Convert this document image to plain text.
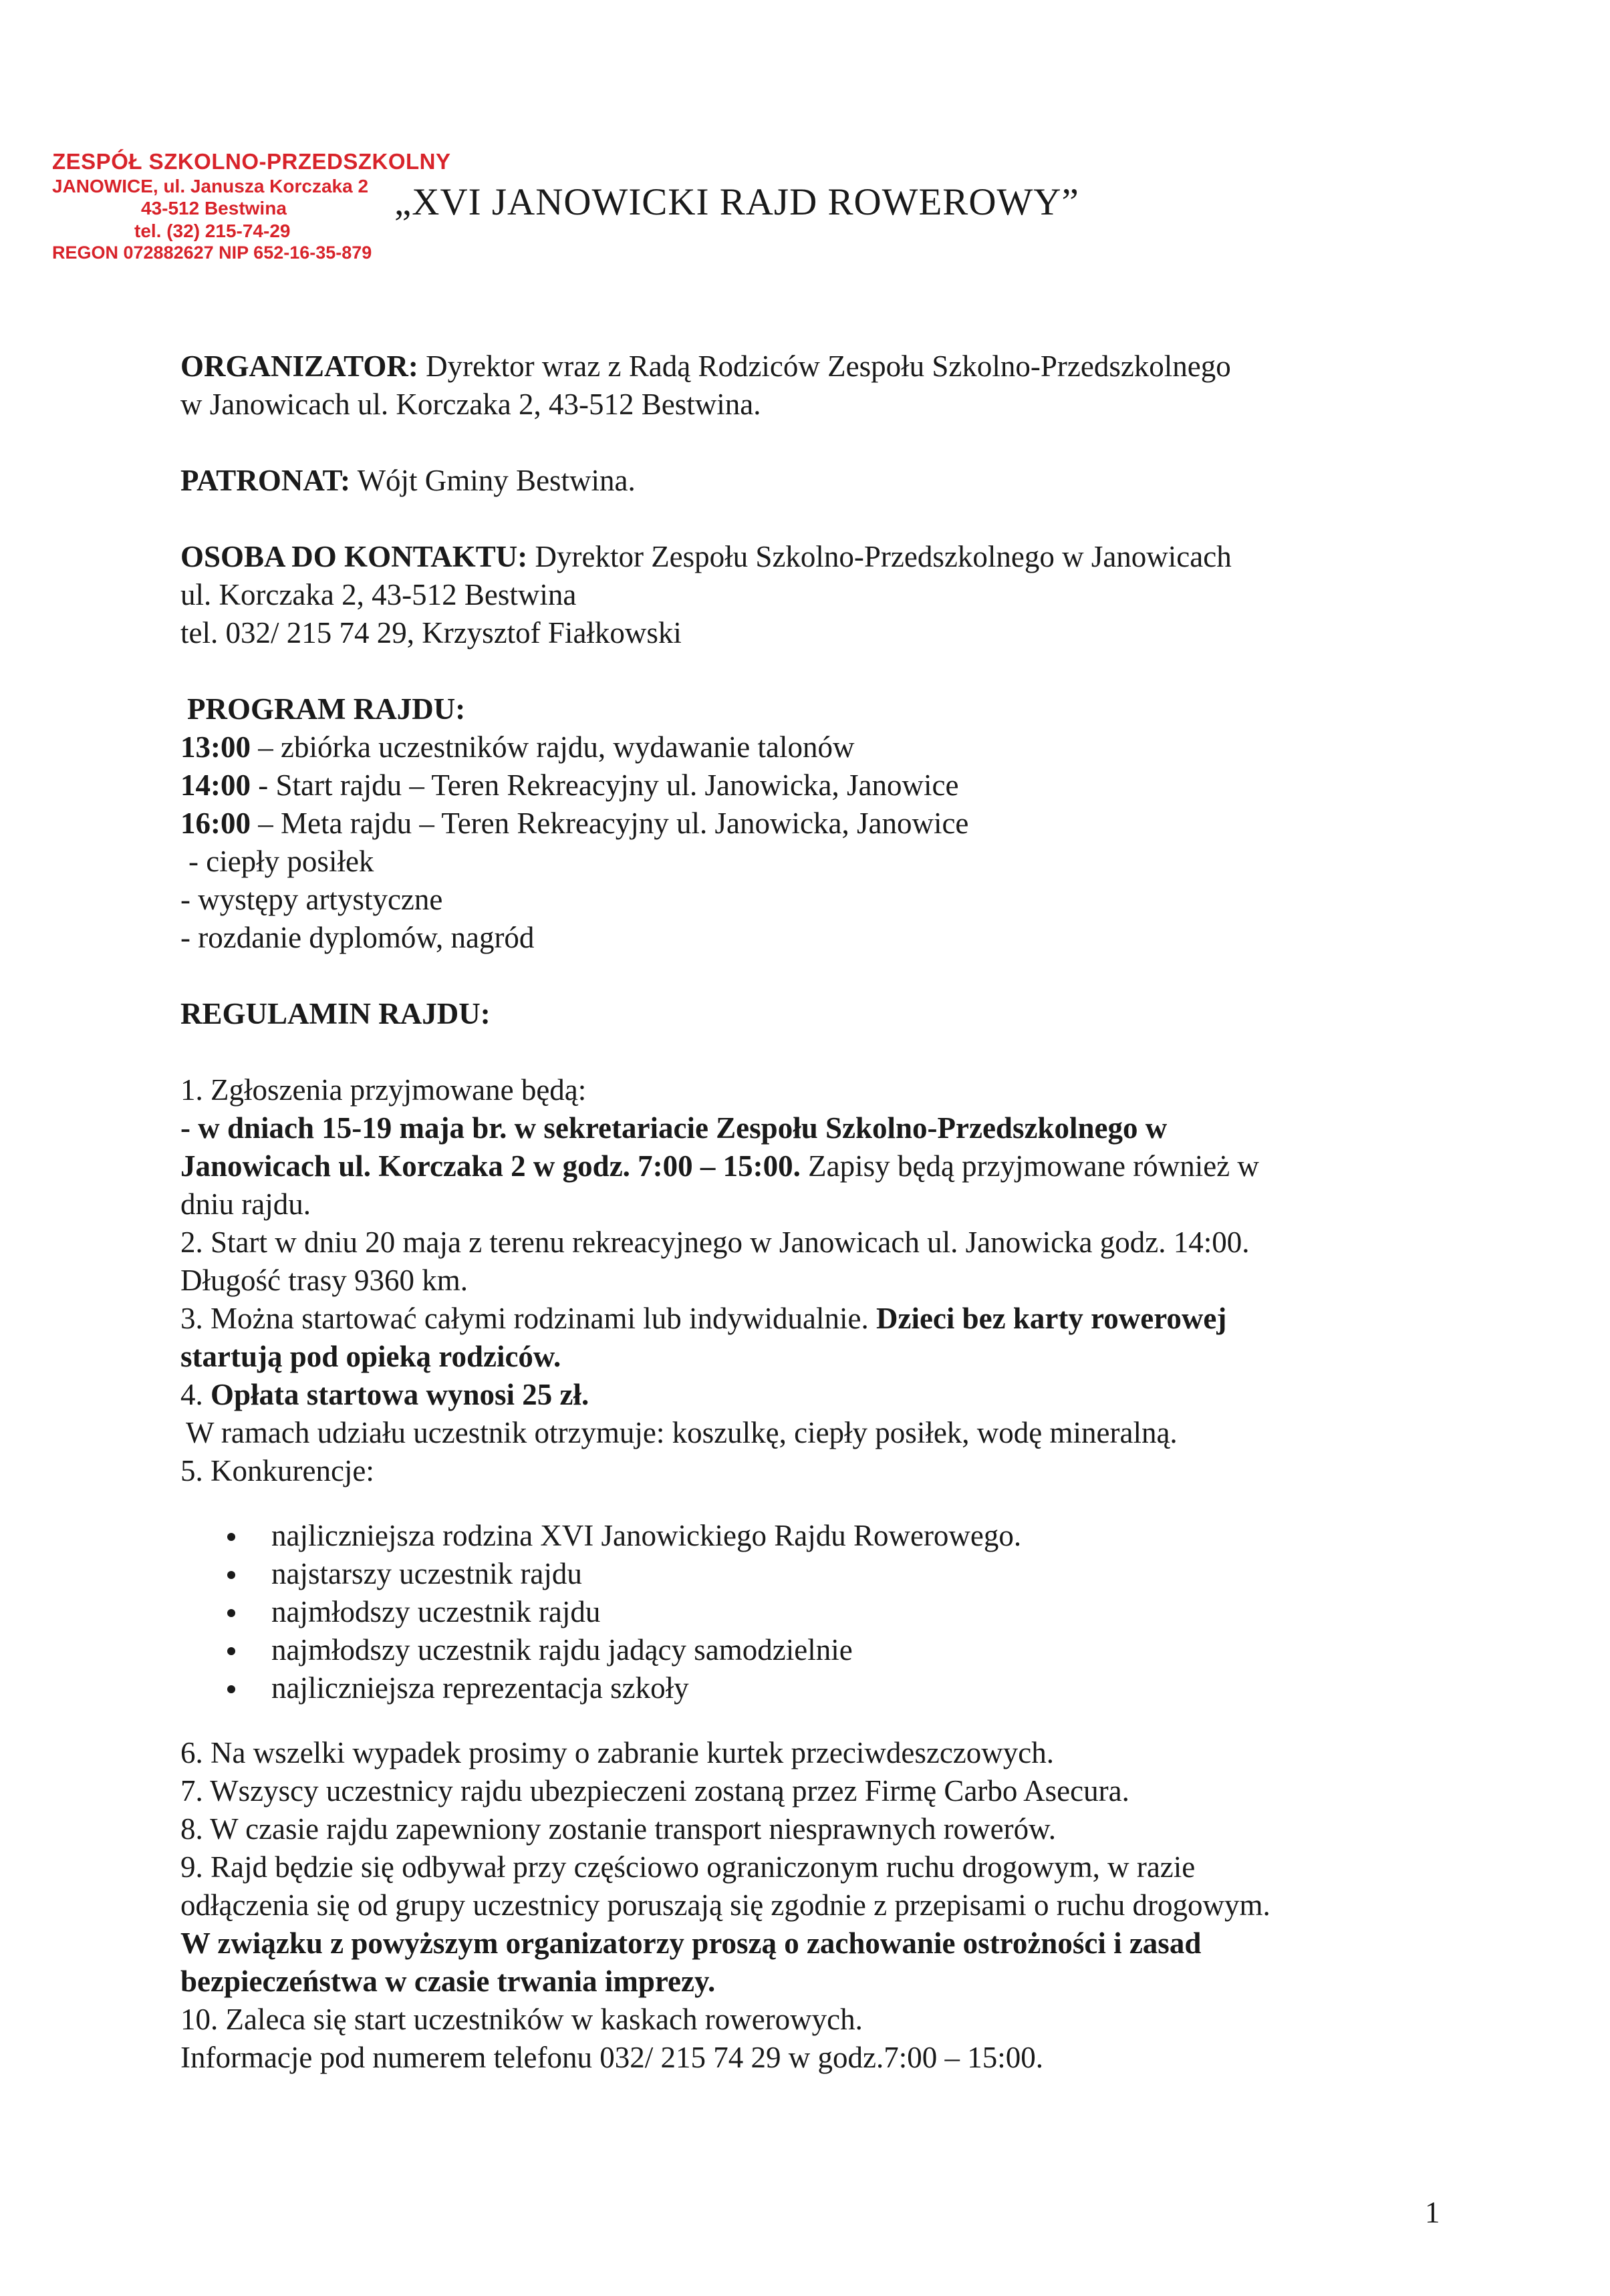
ZESPÓŁ SZKOLNO-PRZEDSZKOLNY
JANOWICE, ul. Janusza Korczaka 2
43-512 Bestwina
tel. (32) 215-74-29
REGON 072882627 NIP 652-16-35-879
„XVI JANOWICKI RAJD ROWEROWY”

ORGANIZATOR: Dyrektor wraz z Radą Rodziców Zespołu Szkolno-Przedszkolnego

w Janowicach ul. Korczaka 2, 43-512 Bestwina.

PATRONAT: Wójt Gminy Bestwina.

OSOBA DO KONTAKTU: Dyrektor Zespołu Szkolno-Przedszkolnego w Janowicach

ul. Korczaka 2, 43-512 Bestwina

tel. 032/ 215 74 29, Krzysztof Fiałkowski

PROGRAM RAJDU:

13:00 – zbiórka uczestników rajdu, wydawanie talonów

14:00 - Start rajdu – Teren Rekreacyjny ul. Janowicka, Janowice

16:00 – Meta rajdu – Teren Rekreacyjny ul. Janowicka, Janowice

- ciepły posiłek

- występy artystyczne

- rozdanie dyplomów, nagród

REGULAMIN RAJDU:

1. Zgłoszenia przyjmowane będą:

- w dniach 15-19 maja br. w sekretariacie Zespołu Szkolno-Przedszkolnego w

Janowicach ul. Korczaka 2 w godz. 7:00 – 15:00. Zapisy będą przyjmowane również w

dniu rajdu.

2. Start w dniu 20 maja z terenu rekreacyjnego w Janowicach ul. Janowicka godz. 14:00.

Długość trasy 9360 km.

3. Można startować całymi rodzinami lub indywidualnie. Dzieci bez karty rowerowej

startują pod opieką rodziców.

4. Opłata startowa wynosi 25 zł.

W ramach udziału uczestnik otrzymuje: koszulkę, ciepły posiłek, wodę mineralną.

5. Konkurencje:

najliczniejsza rodzina XVI Janowickiego Rajdu Rowerowego.
najstarszy uczestnik rajdu
najmłodszy uczestnik rajdu
najmłodszy uczestnik rajdu jadący samodzielnie
najliczniejsza reprezentacja szkoły

6. Na wszelki wypadek prosimy o zabranie kurtek przeciwdeszczowych.

7. Wszyscy uczestnicy rajdu ubezpieczeni zostaną przez Firmę Carbo Asecura.

8. W czasie rajdu zapewniony zostanie transport niesprawnych rowerów.

9. Rajd będzie się odbywał przy częściowo ograniczonym ruchu drogowym, w razie

odłączenia się od grupy uczestnicy poruszają się zgodnie z przepisami o ruchu drogowym.

W związku z powyższym organizatorzy proszą o zachowanie ostrożności i zasad

bezpieczeństwa w czasie trwania imprezy.

10. Zaleca się start uczestników w kaskach rowerowych.

Informacje pod numerem telefonu 032/ 215 74 29 w godz.7:00 – 15:00.

1
